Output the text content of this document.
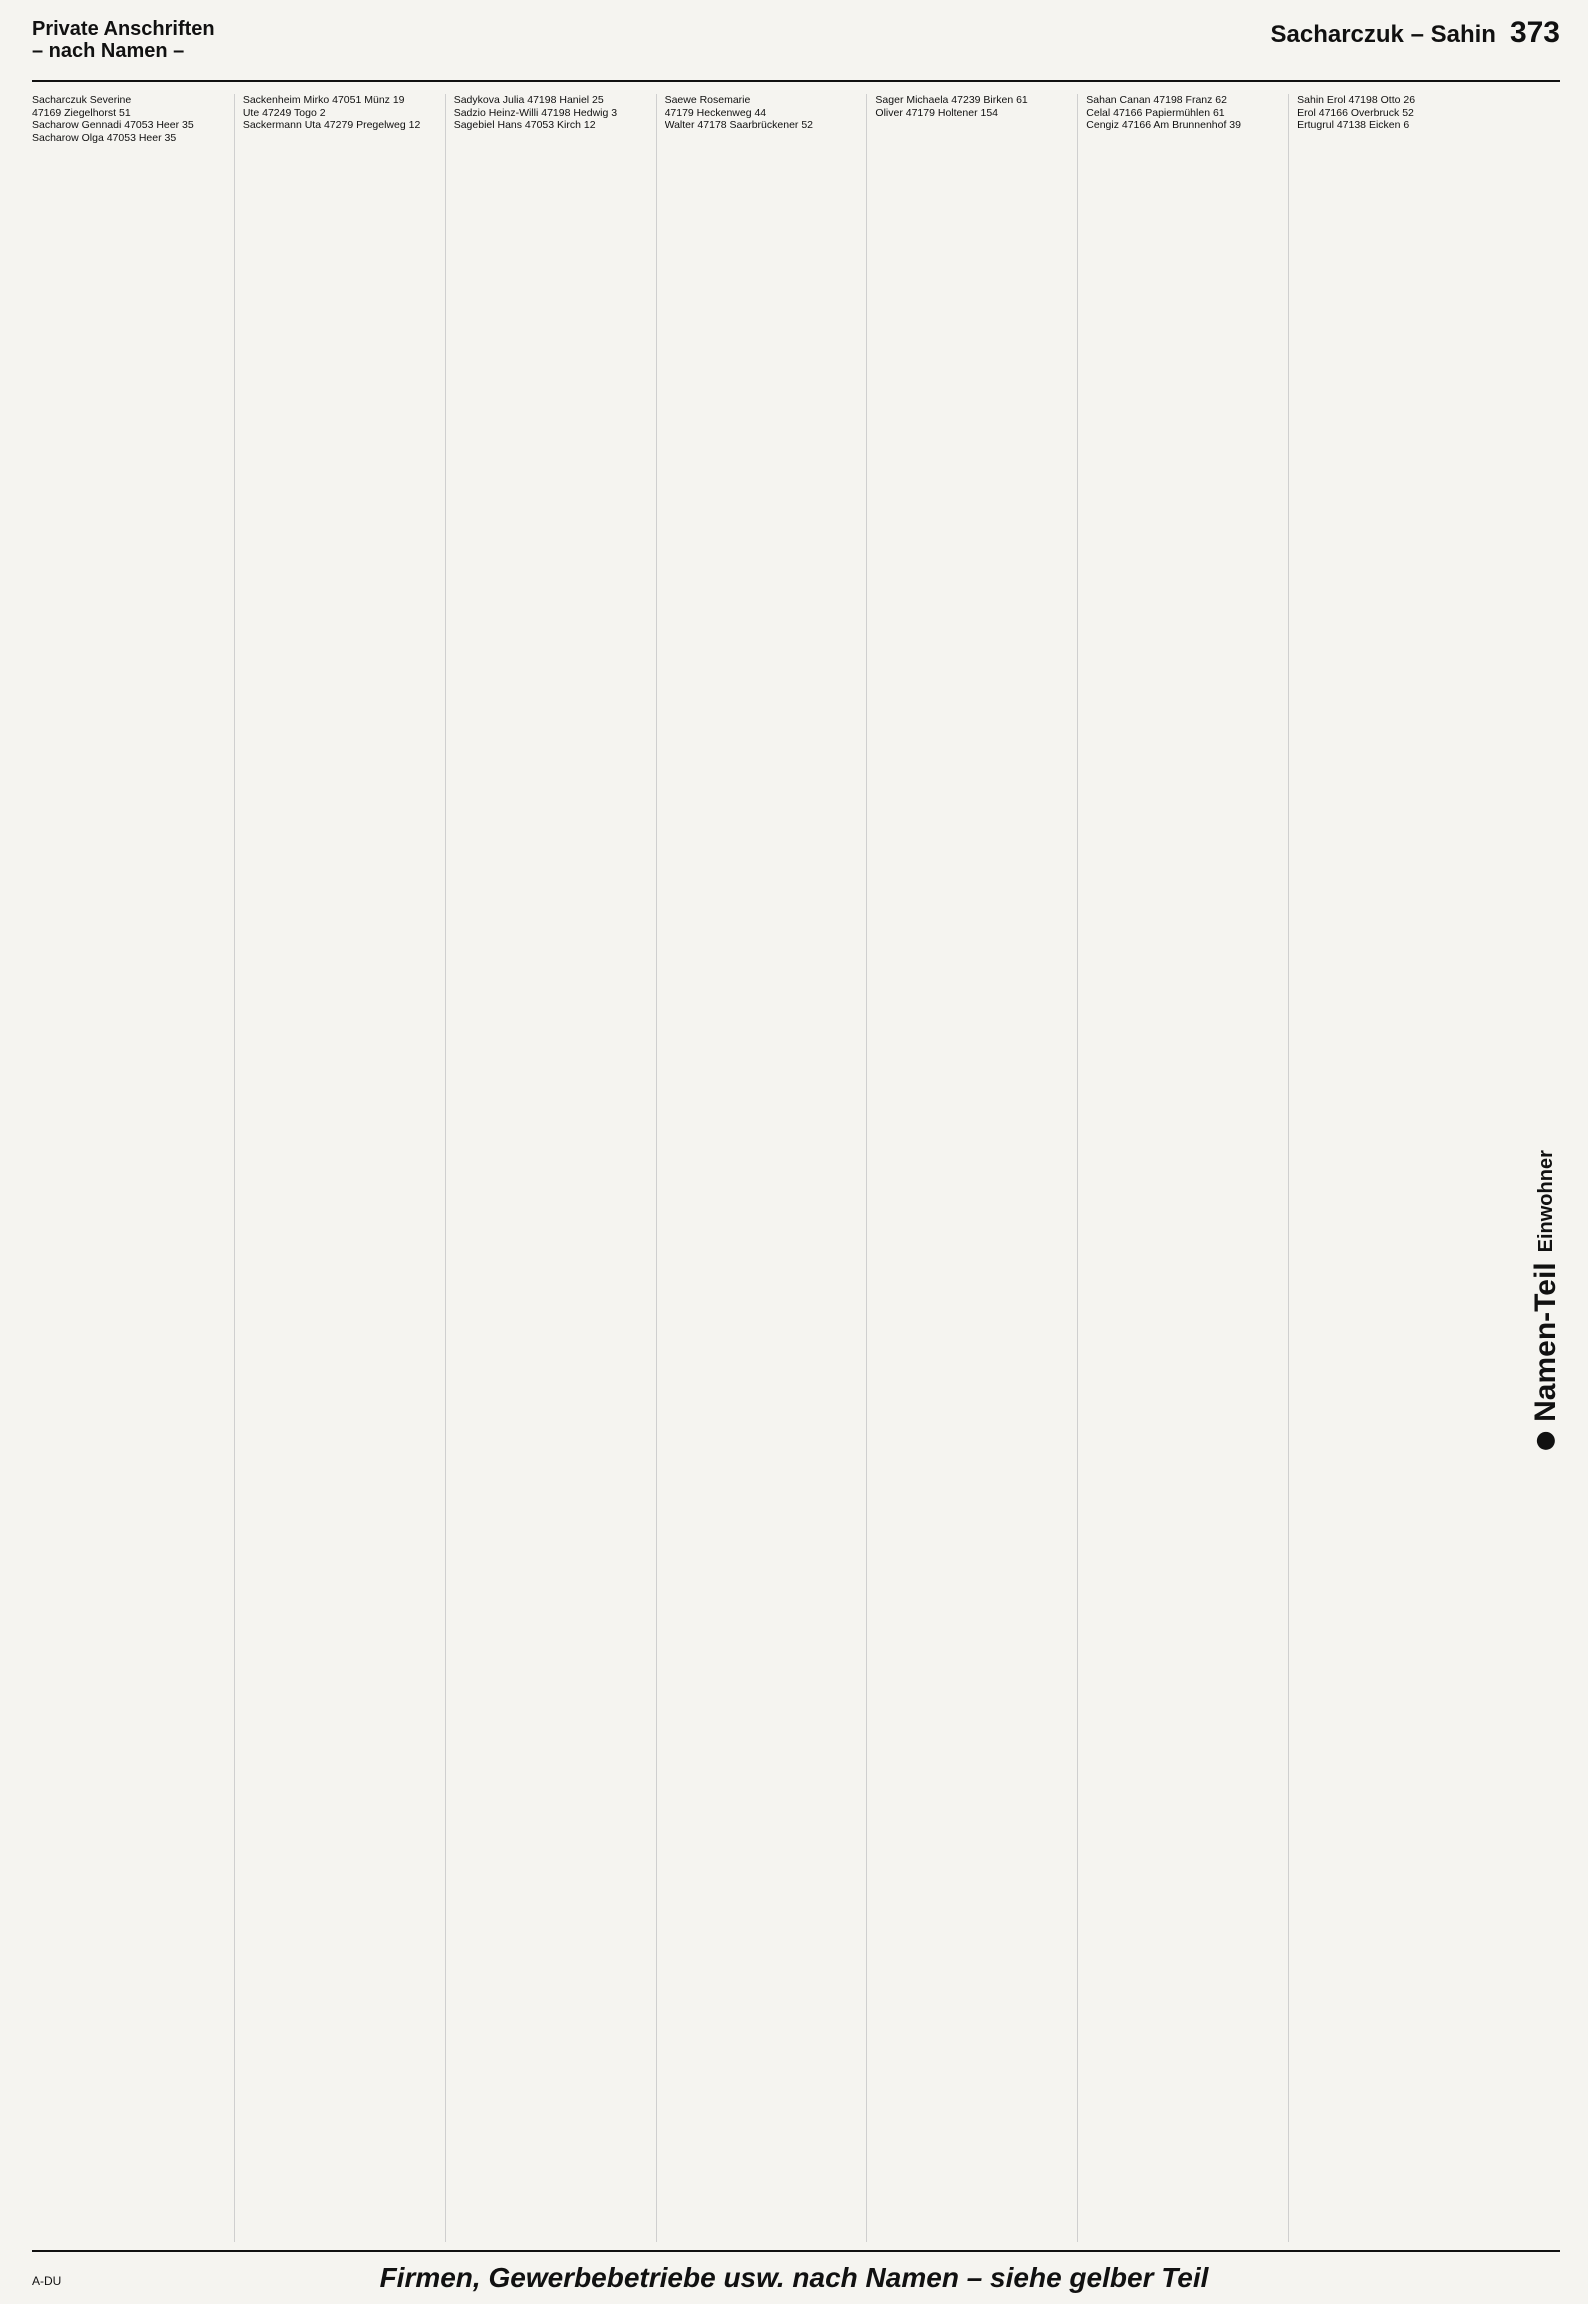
Private Anschriften
– nach Namen –
Sacharczuk – Sahin 373
Sacharczuk Severine
47169 Ziegelhorst 51
Sacharow Gennadi 47053 Heer 35
Sacharow Olga 47053 Heer 35
Sackenheim Mirko 47051 Münz 19
Ute 47249 Togo 2
Sackermann Uta 47279 Pregelweg 12
Sadykova Julia 47198 Haniel 25
Sadzio Heinz-Willi 47198 Hedwig 3
Sagebiel Hans 47053 Kirch 12
Saewe Rosemarie
47179 Heckenweg 44
Walter 47178 Saarbrückener 52
Sager Michaela 47239 Birken 61
Oliver 47179 Holtener 154
Sahan Canan 47198 Franz 62
Celal 47166 Papiermühlen 61
Cengiz 47166 Am Brunnenhof 39
Sahin Erol 47198 Otto 26
Erol 47166 Overbruck 52
Ertugrul 47138 Eicken 6
Namen-Teil
Einwohner
Firmen, Gewerbebetriebe usw. nach Namen – siehe gelber Teil
A-DU
